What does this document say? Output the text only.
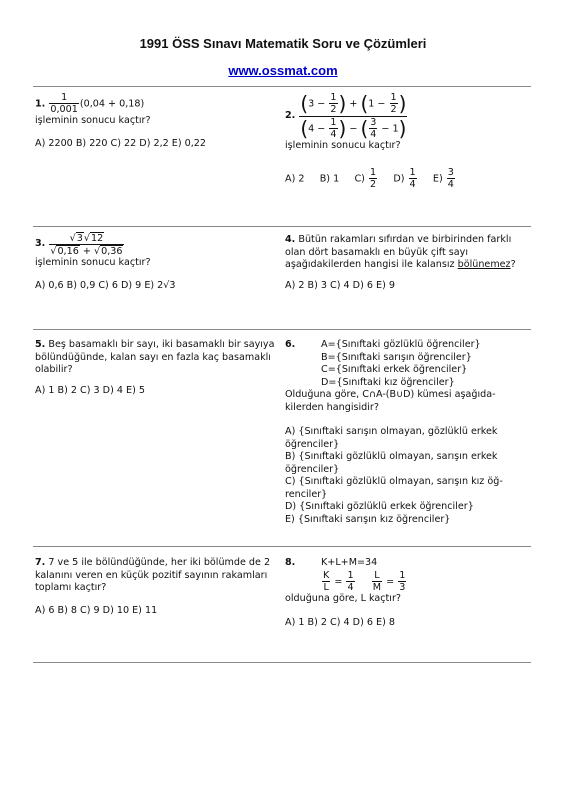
1991 ÖSS Sınavı Matematik Soru ve Çözümleri
www.ossmat.com
1. $\frac{1}{0,001} (0,04 + 0,18)$
işleminin sonucu kaçtır?
A) 2200 B) 220 C) 22 D) 2,2 E) 0,22
2. $\frac{(3 - \frac{1}{2} ) + (1 - \frac{1}{2} )}{(4 - \frac{1}{4} ) - ( \frac{3}{4} - 1)}$
işleminin sonucu kaçtır?
A) 2 B) 1 $C) \frac{1}{2} D) \frac{1}{4} E) \frac{3}{4}$
3. $\frac{√3√12}{√0,16 + √0,36}$
işleminin sonucu kaçtır?
A) 0,6 B) 0,9 C) 6 D) 9 E) 2√3
4. Bütün rakamları sıfırdan ve birbirinden farklı olan dört basamaklı en büyük çift sayı aşağıdakilerden hangisi ile kalansız bölünemez?
A) 2 B) 3 C) 4 D) 6 E) 9
5. Beş basamaklı bir sayı, iki basamaklı bir sayıya bölündüğünde, kalan sayı en fazla kaç basamaklı olabilir?
A) 1 B) 2 C) 3 D) 4 E) 5
6.	A={Sınıftaki gözlüklü öğrenciler}
B={Sınıftaki sarışın öğrenciler}
C={Sınıftaki erkek öğrenciler}
D={Sınıftaki kız öğrenciler}
Olduğuna göre, C∩A-(B∪D) kümesi aşağıda-kilerden hangisidir?
A) {Sınıftaki sarışın olmayan, gözlüklü erkek öğrenciler}
B) {Sınıftaki gözlüklü olmayan, sarışın erkek öğrenciler}
C) {Sınıftaki gözlüklü olmayan, sarışın kız öğ-renciler}
D) {Sınıftaki gözlüklü erkek öğrenciler}
E) {Sınıftaki sarışın kız öğrenciler}
7. 7 ve 5 ile bölündüğünde, her iki bölümde de 2 kalanını veren en küçük pozitif sayının rakamları toplamı kaçtır?
A) 6 B) 8 C) 9 D) 10 E) 11
8.	K+L+M=34
$\frac{K}{L} = \frac{1}{4}$
$\frac{L}{M} = \frac{1}{3}$
olduğuna göre, L kaçtır?
A) 1 B) 2 C) 4 D) 6 E) 8
